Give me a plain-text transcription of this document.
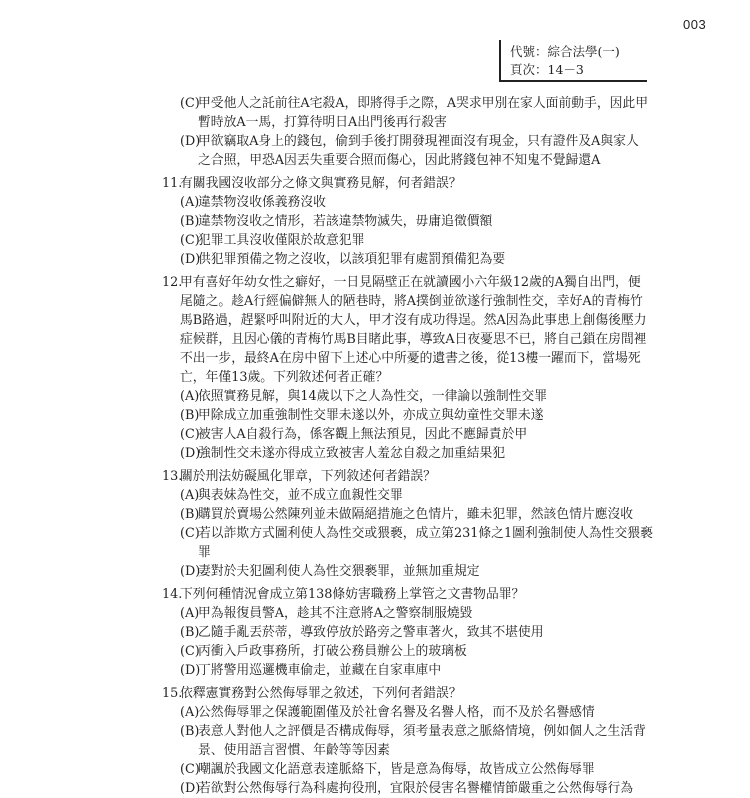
003
代號：綜合法學(一)
頁次：14－3
(C)甲受他人之託前往A宅殺A，即將得手之際，A哭求甲別在家人面前動手，因此甲
暫時放A一馬，打算待明日A出門後再行殺害
(D)甲欲竊取A身上的錢包，偷到手後打開發現裡面沒有現金，只有證件及A與家人
之合照，甲恐A因丟失重要合照而傷心，因此將錢包神不知鬼不覺歸還A
11.有關我國沒收部分之條文與實務見解，何者錯誤？
(A)違禁物沒收係義務沒收
(B)違禁物沒收之情形，若該違禁物滅失，毋庸追徵價額
(C)犯罪工具沒收僅限於故意犯罪
(D)供犯罪預備之物之沒收，以該項犯罪有處罰預備犯為要
12.甲有喜好年幼女性之癖好，一日見隔壁正在就讀國小六年級12歲的A獨自出門，便
尾隨之。趁A行經偏僻無人的陋巷時，將A撲倒並欲遂行強制性交，幸好A的青梅竹
馬B路過，趕緊呼叫附近的大人，甲才沒有成功得逞。然A因為此事患上創傷後壓力
症候群，且因心儀的青梅竹馬B目睹此事，導致A日夜憂思不已，將自己鎖在房間裡
不出一步，最終A在房中留下上述心中所憂的遺書之後，從13樓一躍而下，當場死
亡，年僅13歲。下列敘述何者正確？
(A)依照實務見解，與14歲以下之人為性交，一律論以強制性交罪
(B)甲除成立加重強制性交罪未遂以外，亦成立與幼童性交罪未遂
(C)被害人A自殺行為，係客觀上無法預見，因此不應歸責於甲
(D)強制性交未遂亦得成立致被害人羞忿自殺之加重結果犯
13.關於刑法妨礙風化罪章，下列敘述何者錯誤？
(A)與表妹為性交，並不成立血親性交罪
(B)購買於賣場公然陳列並未做隔絕措施之色情片，雖未犯罪，然該色情片應沒收
(C)若以詐欺方式圖利使人為性交或猥褻，成立第231條之1圖利強制使人為性交猥褻
罪
(D)妻對於夫犯圖利使人為性交猥褻罪，並無加重規定
14.下列何種情況會成立第138條妨害職務上掌管之文書物品罪？
(A)甲為報復員警A，趁其不注意將A之警察制服燒毀
(B)乙隨手亂丟菸蒂，導致停放於路旁之警車著火，致其不堪使用
(C)丙衝入戶政事務所，打破公務員辦公上的玻璃板
(D)丁將警用巡邏機車偷走，並藏在自家車庫中
15.依釋憲實務對公然侮辱罪之敘述，下列何者錯誤？
(A)公然侮辱罪之保護範圍僅及於社會名譽及名譽人格，而不及於名譽感情
(B)表意人對他人之評價是否構成侮辱，須考量表意之脈絡情境，例如個人之生活背
景、使用語言習慣、年齡等等因素
(C)嘲諷於我國文化語意表達脈絡下，皆是意為侮辱，故皆成立公然侮辱罪
(D)若欲對公然侮辱行為科處拘役刑，宜限於侵害名譽權情節嚴重之公然侮辱行為
